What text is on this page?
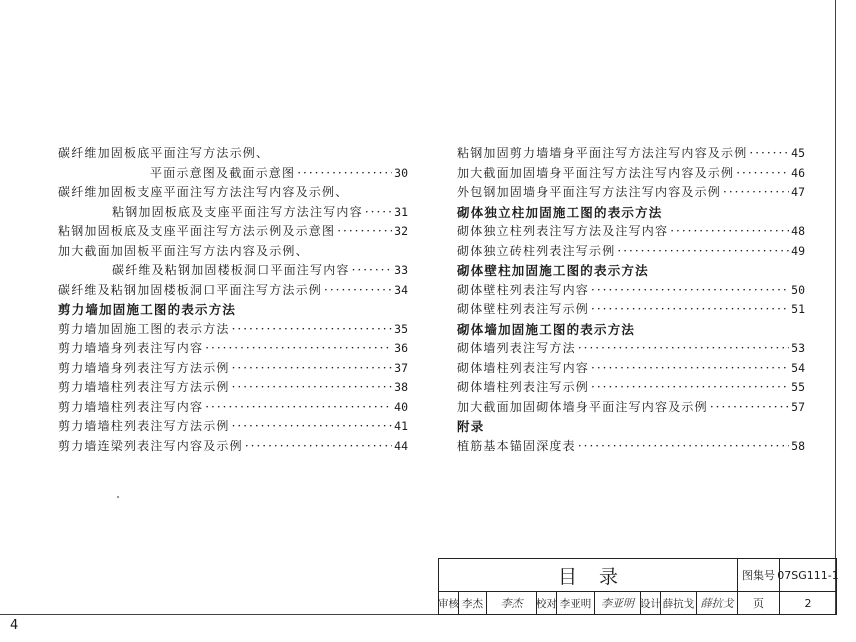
碳纤维加固板底平面注写方法示例、
平面示意图及截面示意图 ·····	30
碳纤维加固板支座平面注写方法注写内容及示例、
粘钢加固板底及支座平面注写方法注写内容 ·····	31
粘钢加固板底及支座平面注写方法示例及示意图 ·····	32
加大截面加固板平面注写方法内容及示例、
碳纤维及粘钢加固楼板洞口平面注写内容 ·····	33
碳纤维及粘钢加固楼板洞口平面注写方法示例 ·····	34
剪力墙加固施工图的表示方法
剪力墙加固施工图的表示方法 ·····	35
剪力墙墙身列表注写内容 ·····	36
剪力墙墙身列表注写方法示例 ·····	37
剪力墙墙柱列表注写方法示例 ·····	38
剪力墙墙柱列表注写内容 ·····	40
剪力墙墙柱列表注写方法示例 ·····	41
剪力墙连梁列表注写内容及示例 ·····	44
粘钢加固剪力墙墙身平面注写方法注写内容及示例 ·····	45
加大截面加固墙身平面注写方法注写内容及示例 ·····	46
外包钢加固墙身平面注写方法注写内容及示例 ·····	47
砌体独立柱加固施工图的表示方法
砌体独立柱列表注写方法及注写内容 ·····	48
砌体独立砖柱列表注写示例 ·····	49
砌体壁柱加固施工图的表示方法
砌体壁柱列表注写内容 ·····	50
砌体壁柱列表注写示例 ·····	51
砌体墙加固施工图的表示方法
砌体墙列表注写方法 ·····	53
砌体墙柱列表注写内容 ·····	54
砌体墙柱列表注写示例 ·····	55
加大截面加固砌体墙身平面注写内容及示例 ·····	57
附录
植筋基本锚固深度表 ·····	58
目录	图集号 07SG111-1
页	2
审核 李杰	李杰	校对 李亚明 李亚明 设计 薛抗戈 薛抗戈
4
